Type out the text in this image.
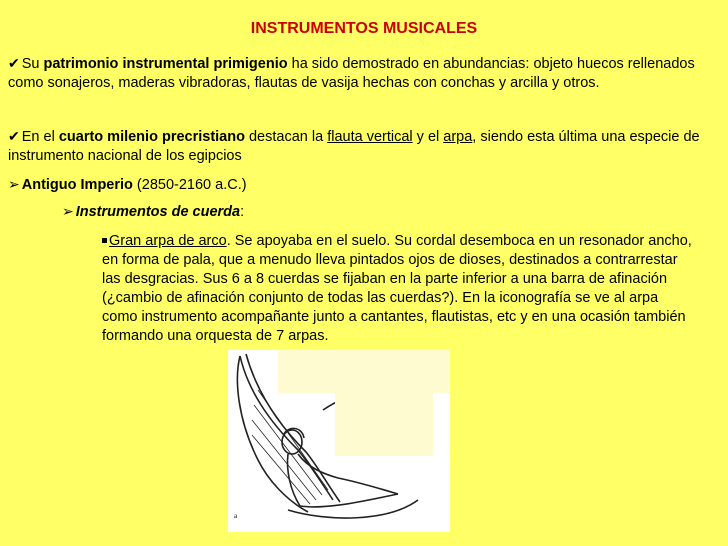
INSTRUMENTOS MUSICALES

✔ Su patrimonio instrumental primigenio ha sido demostrado en abundancias: objeto huecos rellenados como sonajeros, maderas vibradoras, flautas de vasija hechas con conchas y arcilla y otros.

✔ En el cuarto milenio precristiano destacan la flauta vertical y el arpa, siendo esta última una especie de instrumento nacional de los egipcios

➢ Antiguo Imperio (2850-2160 a.C.)

➢ Instrumentos de cuerda:

Gran arpa de arco. Se apoyaba en el suelo. Su cordal desemboca en un resonador ancho, en forma de pala, que a menudo lleva pintados ojos de dioses, destinados a contrarrestar las desgracias. Sus 6 a 8 cuerdas se fijaban en la parte inferior a una barra de afinación (¿cambio de afinación conjunto de todas las cuerdas?). En la iconografía se ve al arpa como instrumento acompañante junto a cantantes, flautistas, etc y en una ocasión también formando una orquesta de 7 arpas.

a
